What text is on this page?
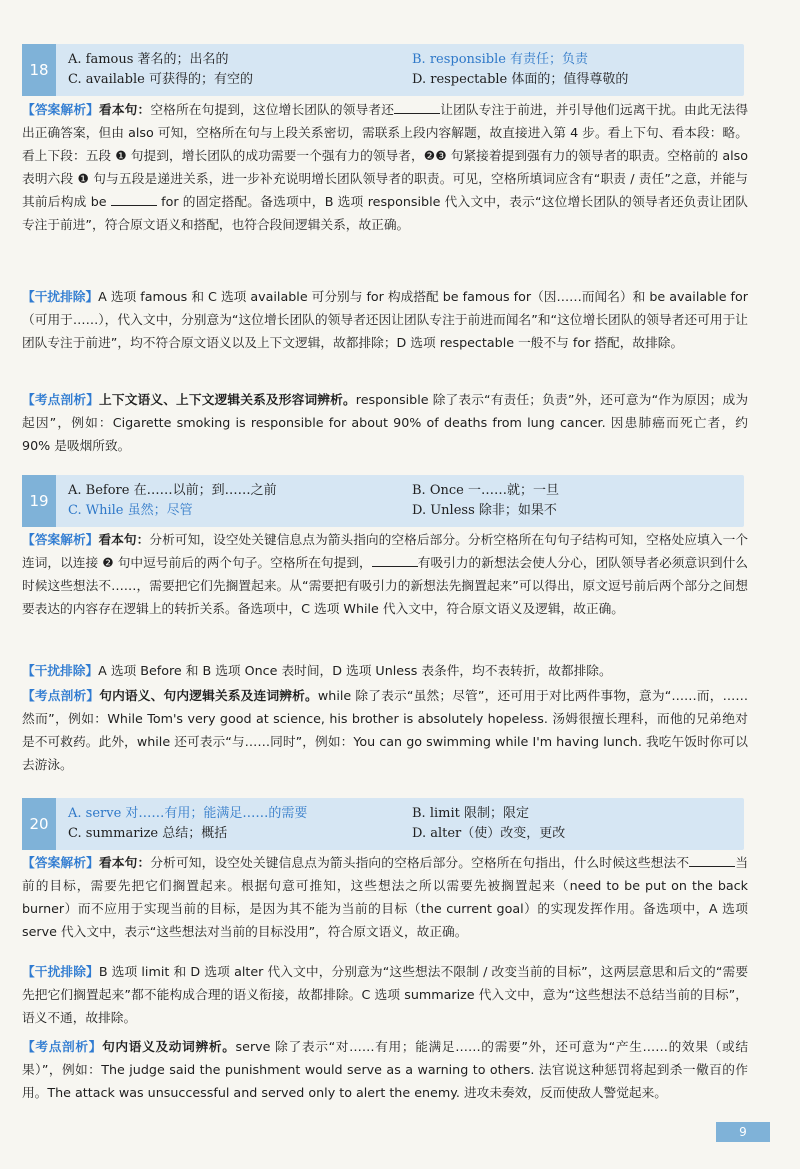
18
A. famous 著名的；出名的	B. responsible 有责任；负责
C. available 可获得的；有空的	D. respectable 体面的；值得尊敬的
【答案解析】看本句：空格所在句提到，这位增长团队的领导者还	让团队专注于前进，并引导他们远离干扰。由此无法得出正确答案，但由 also 可知，空格所在句与上段关系密切，需联系上段内容解题，故直接进入第 4 步。看上下句、看本段：略。看上下段：五段 ❶ 句提到，增长团队的成功需要一个强有力的领导者，❷❸ 句紧接着提到强有力的领导者的职责。空格前的 also 表明六段 ❶ 句与五段是递进关系，进一步补充说明增长团队领导者的职责。可见，空格所填词应含有“职责 / 责任”之意，并能与其前后构成 be	for 的固定搭配。备选项中，B 选项 responsible 代入文中，表示“这位增长团队的领导者还负责让团队专注于前进”，符合原文语义和搭配，也符合段间逻辑关系，故正确。
【干扰排除】A 选项 famous 和 C 选项 available 可分别与 for 构成搭配 be famous for（因……而闻名）和 be available for（可用于……），代入文中，分别意为“这位增长团队的领导者还因让团队专注于前进而闻名”和“这位增长团队的领导者还可用于让团队专注于前进”，均不符合原文语义以及上下文逻辑，故都排除；D 选项 respectable 一般不与 for 搭配，故排除。
【考点剖析】上下文语义、上下文逻辑关系及形容词辨析。responsible 除了表示“有责任；负责”外，还可意为“作为原因；成为起因”，例如：Cigarette smoking is responsible for about 90% of deaths from lung cancer. 因患肺癌而死亡者，约 90% 是吸烟所致。
19
A. Before 在……以前；到……之前	B. Once 一……就；一旦
C. While 虽然；尽管	D. Unless 除非；如果不
【答案解析】看本句：分析可知，设空处关键信息点为箭头指向的空格后部分。分析空格所在句句子结构可知，空格处应填入一个连词，以连接 ❷ 句中逗号前后的两个句子。空格所在句提到，	有吸引力的新想法会使人分心，团队领导者必须意识到什么时候这些想法不……，需要把它们先搁置起来。从“需要把有吸引力的新想法先搁置起来”可以得出，原文逗号前后两个部分之间想要表达的内容存在逻辑上的转折关系。备选项中，C 选项 While 代入文中，符合原文语义及逻辑，故正确。
【干扰排除】A 选项 Before 和 B 选项 Once 表时间，D 选项 Unless 表条件，均不表转折，故都排除。
【考点剖析】句内语义、句内逻辑关系及连词辨析。while 除了表示“虽然；尽管”，还可用于对比两件事物，意为“……而，……然而”，例如：While Tom's very good at science, his brother is absolutely hopeless. 汤姆很擅长理科，而他的兄弟绝对是不可救药。此外，while 还可表示“与……同时”，例如：You can go swimming while I'm having lunch. 我吃午饭时你可以去游泳。
20
A. serve 对……有用；能满足……的需要	B. limit 限制；限定
C. summarize 总结；概括	D. alter（使）改变，更改
【答案解析】看本句：分析可知，设空处关键信息点为箭头指向的空格后部分。空格所在句指出，什么时候这些想法不	当前的目标，需要先把它们搁置起来。根据句意可推知，这些想法之所以需要先被搁置起来（need to be put on the back burner）而不应用于实现当前的目标，是因为其不能为当前的目标（the current goal）的实现发挥作用。备选项中，A 选项 serve 代入文中，表示“这些想法对当前的目标没用”，符合原文语义，故正确。
【干扰排除】B 选项 limit 和 D 选项 alter 代入文中，分别意为“这些想法不限制 / 改变当前的目标”，这两层意思和后文的“需要先把它们搁置起来”都不能构成合理的语义衔接，故都排除。C 选项 summarize 代入文中，意为“这些想法不总结当前的目标”，语义不通，故排除。
【考点剖析】句内语义及动词辨析。serve 除了表示“对……有用；能满足……的需要”外，还可意为“产生……的效果（或结果）”，例如：The judge said the punishment would serve as a warning to others. 法官说这种惩罚将起到杀一儆百的作用。The attack was unsuccessful and served only to alert the enemy. 进攻未奏效，反而使敌人警觉起来。
9
